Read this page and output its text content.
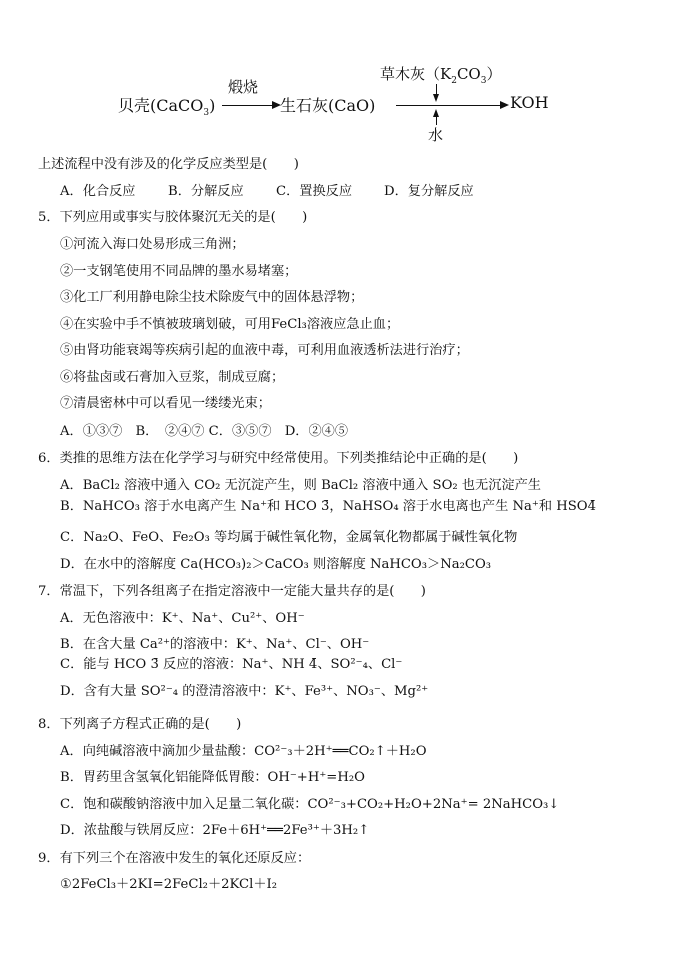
贝壳(CaCO$_3$)
煅烧
生石灰(CaO)
草木灰$(K_2CO_3)$
KOH
水
上述流程中没有涉及的化学反应类型是(　　)
A．化合反应 B．分解反应 C．置换反应 D．复分解反应
5．下列应用或事实与胶体聚沉无关的是(　　)
①河流入海口处易形成三角洲；
②一支钢笔使用不同品牌的墨水易堵塞；
③化工厂利用静电除尘技术除废气中的固体悬浮物；
④在实验中手不慎被玻璃划破，可用FeCl₃溶液应急止血；
⑤由肾功能衰竭等疾病引起的血液中毒，可利用血液透析法进行治疗；
⑥将盐卤或石膏加入豆浆，制成豆腐；
⑦清晨密林中可以看见一缕缕光束；
A．①③⑦　B．　②④⑦ C．③⑤⑦　D．②④⑤
6．类推的思维方法在化学学习与研究中经常使用。下列类推结论中正确的是(　　)
A．BaCl₂ 溶液中通入 CO₂ 无沉淀产生，则 BaCl₂ 溶液中通入 SO₂ 也无沉淀产生
B．NaHCO₃ 溶于水电离产生 Na⁺和 HCO 3̄，NaHSO₄ 溶于水电离也产生 Na⁺和 HSO4̄
C．Na₂O、FeO、Fe₂O₃ 等均属于碱性氧化物，金属氧化物都属于碱性氧化物
D．在水中的溶解度 Ca(HCO₃)₂＞CaCO₃ 则溶解度 NaHCO₃＞Na₂CO₃
7．常温下，下列各组离子在指定溶液中一定能大量共存的是(　　)
A．无色溶液中：K⁺、Na⁺、Cu²⁺、OH⁻
B．在含大量 Ca²⁺的溶液中：K⁺、Na⁺、Cl⁻、OH⁻
C．能与 HCO 3̄ 反应的溶液：Na⁺、NH 4̄、SO²⁻₄、Cl⁻
D．含有大量 SO²⁻₄ 的澄清溶液中：K⁺、Fe³⁺、NO₃⁻、Mg²⁺
8．下列离子方程式正确的是(　　)
A．向纯碱溶液中滴加少量盐酸：CO²⁻₃＋2H⁺══CO₂↑＋H₂O
B．胃药里含氢氧化铝能降低胃酸：OH⁻+H⁺=H₂O
C．饱和碳酸钠溶液中加入足量二氧化碳：CO²⁻₃+CO₂+H₂O+2Na⁺= 2NaHCO₃↓
D．浓盐酸与铁屑反应：2Fe＋6H⁺══2Fe³⁺＋3H₂↑
9．有下列三个在溶液中发生的氧化还原反应：
①2FeCl₃＋2KI=2FeCl₂＋2KCl＋I₂
